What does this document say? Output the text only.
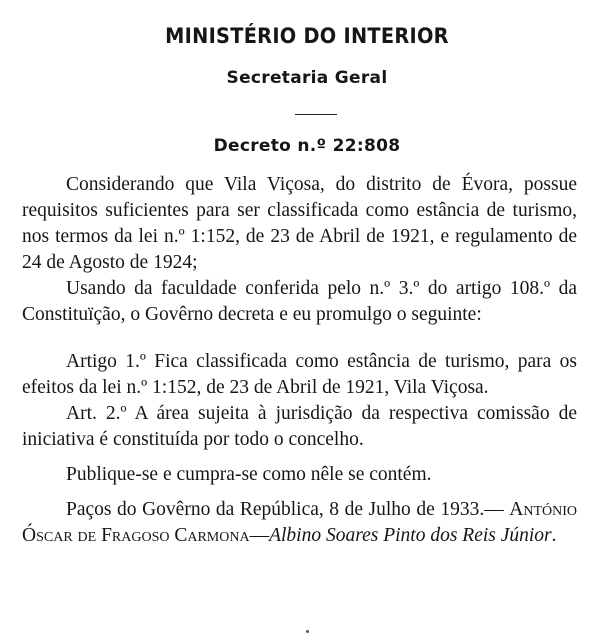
MINISTÉRIO DO INTERIOR
Secretaria Geral
Decreto n.º 22:808

Considerando que Vila Viçosa, do distrito de Évora, possue requisitos suficientes para ser classificada como estância de turismo, nos termos da lei n.º 1:152, de 23 de Abril de 1921, e regulamento de 24 de Agosto de 1924;

Usando da faculdade conferida pelo n.º 3.º do artigo 108.º da Constituïção, o Govêrno decreta e eu promulgo o seguinte:

Artigo 1.º Fica classificada como estância de turismo, para os efeitos da lei n.º 1:152, de 23 de Abril de 1921, Vila Viçosa.

Art. 2.º A área sujeita à jurisdição da respectiva comissão de iniciativa é constituída por todo o concelho.

Publique-se e cumpra-se como nêle se contém.

Paços do Govêrno da República, 8 de Julho de 1933.— António Óscar de Fragoso Carmona—Albino Soares Pinto dos Reis Júnior.
